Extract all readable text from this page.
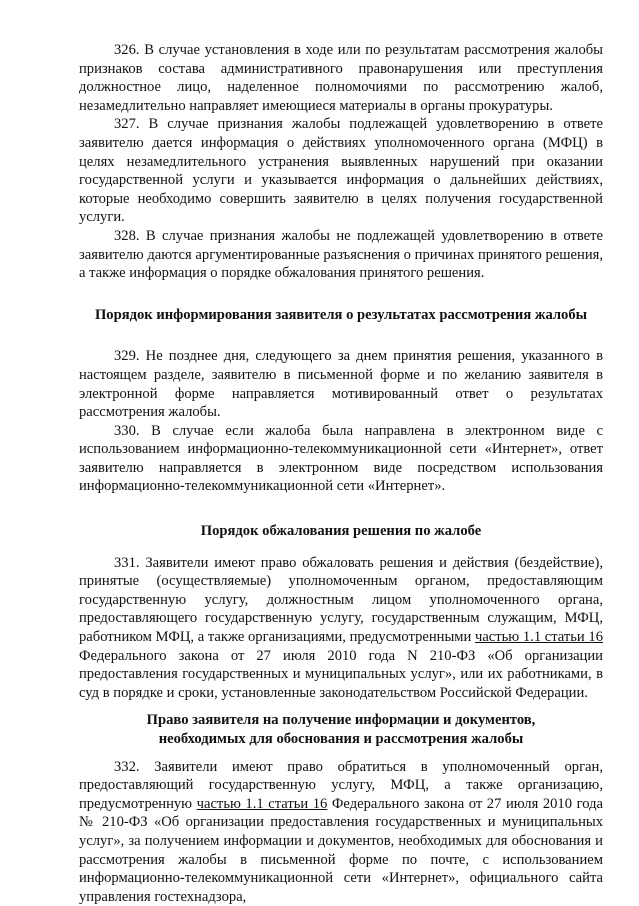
326. В случае установления в ходе или по результатам рассмотрения жалобы признаков состава административного правонарушения или преступления должностное лицо, наделенное полномочиями по рассмотрению жалоб, незамедлительно направляет имеющиеся материалы в органы прокуратуры.

327. В случае признания жалобы подлежащей удовлетворению в ответе заявителю дается информация о действиях уполномоченного органа (МФЦ) в целях незамедлительного устранения выявленных нарушений при оказании государственной услуги и указывается информация о дальнейших действиях, которые необходимо совершить заявителю в целях получения государственной услуги.

328. В случае признания жалобы не подлежащей удовлетворению в ответе заявителю даются аргументированные разъяснения о причинах принятого решения, а также информация о порядке обжалования принятого решения.

Порядок информирования заявителя о результатах рассмотрения жалобы

329. Не позднее дня, следующего за днем принятия решения, указанного в настоящем разделе, заявителю в письменной форме и по желанию заявителя в электронной форме направляется мотивированный ответ о результатах рассмотрения жалобы.

330. В случае если жалоба была направлена в электронном виде с использованием информационно-телекоммуникационной сети «Интернет», ответ заявителю направляется в электронном виде посредством использования информационно-телекоммуникационной сети «Интернет».

Порядок обжалования решения по жалобе

331. Заявители имеют право обжаловать решения и действия (бездействие), принятые (осуществляемые) уполномоченным органом, предоставляющим государственную услугу, должностным лицом уполномоченного органа, предоставляющего государственную услугу, государственным служащим, МФЦ, работником МФЦ, а также организациями, предусмотренными частью 1.1 статьи 16 Федерального закона от 27 июля 2010 года N 210-ФЗ «Об организации предоставления государственных и муниципальных услуг», или их работниками, в суд в порядке и сроки, установленные законодательством Российской Федерации.

Право заявителя на получение информации и документов,
необходимых для обоснования и рассмотрения жалобы

332. Заявители имеют право обратиться в уполномоченный орган, предоставляющий государственную услугу, МФЦ, а также организацию, предусмотренную частью 1.1 статьи 16 Федерального закона от 27 июля 2010 года № 210-ФЗ «Об организации предоставления государственных и муниципальных услуг», за получением информации и документов, необходимых для обоснования и рассмотрения жалобы в письменной форме по почте, с использованием информационно-телекоммуникационной сети «Интернет», официального сайта управления гостехнадзора,
